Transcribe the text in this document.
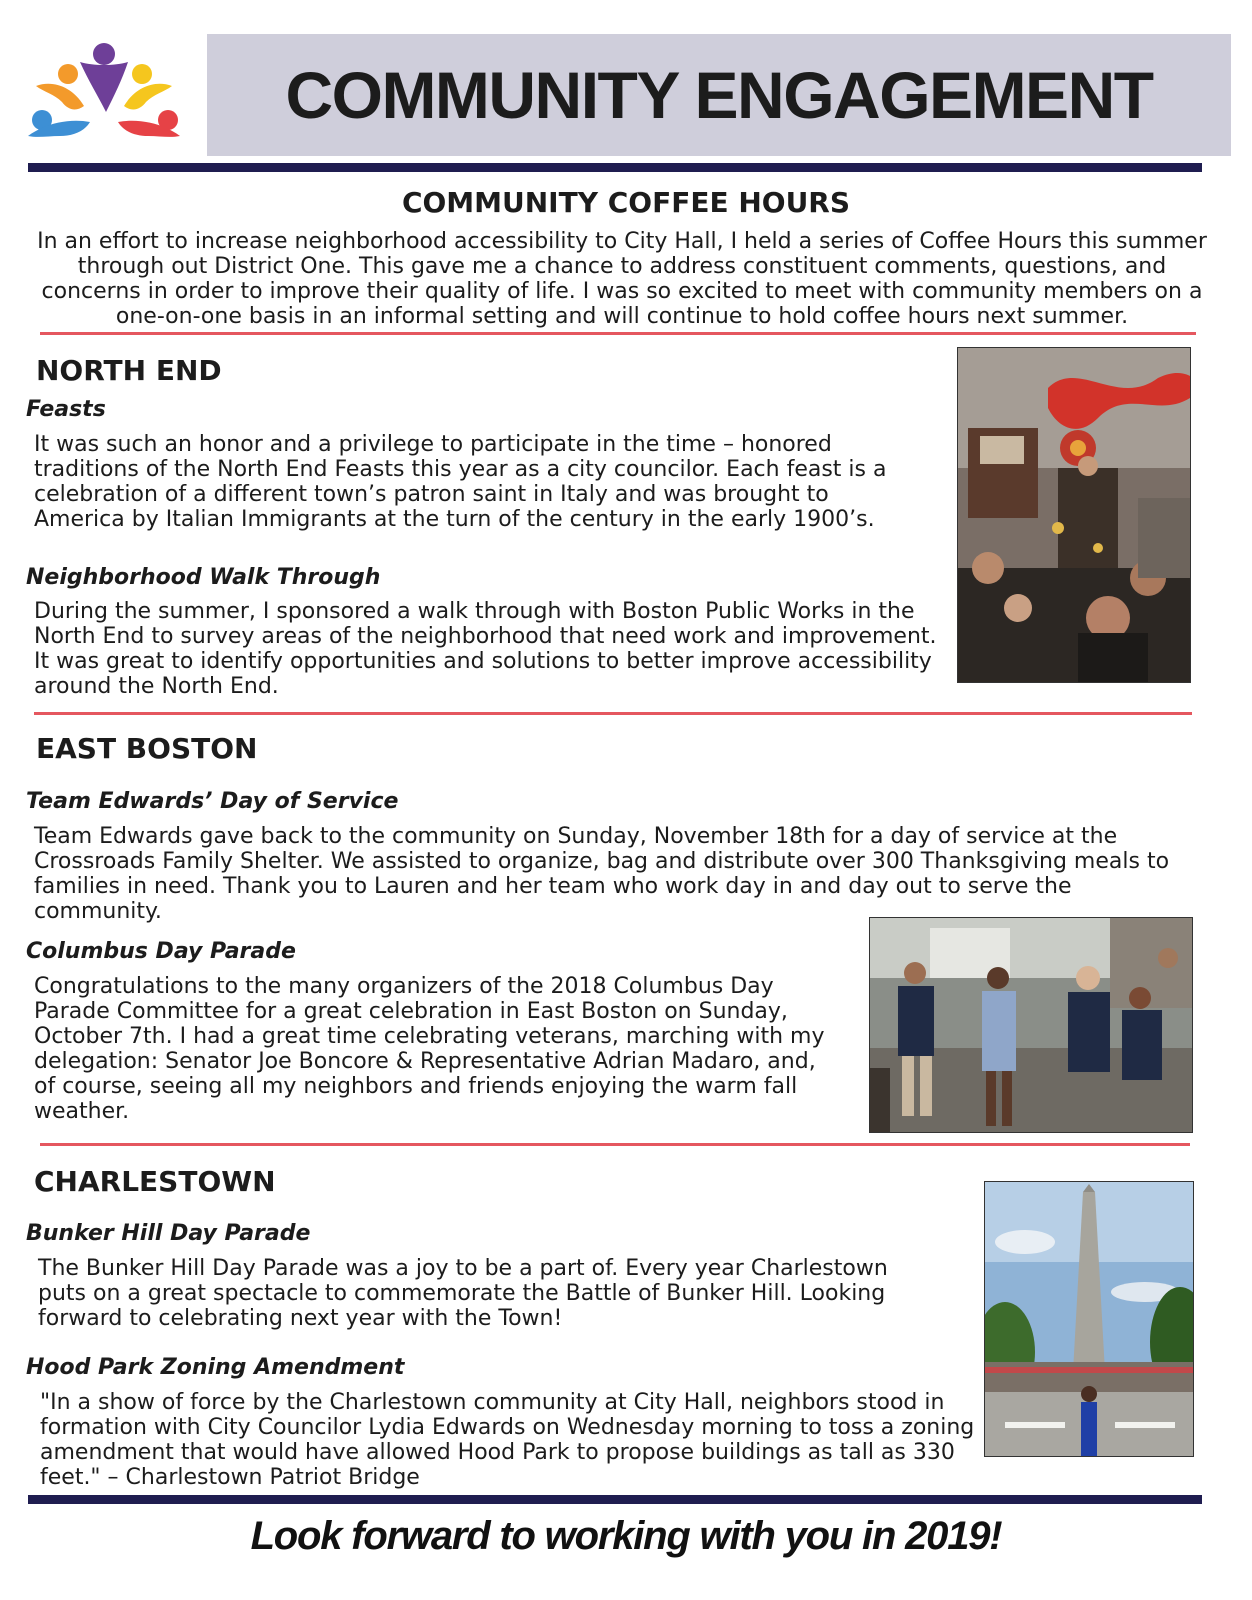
COMMUNITY ENGAGEMENT
COMMUNITY COFFEE HOURS
In an effort to increase neighborhood accessibility to City Hall, I held a series of Coffee Hours this summer through out District One. This gave me a chance to address constituent comments, questions, and concerns in order to improve their quality of life. I was so excited to meet with community members on a one-on-one basis in an informal setting and will continue to hold coffee hours next summer.
NORTH END
Feasts
It was such an honor and a privilege to participate in the time – honored traditions of the North End Feasts this year as a city councilor. Each feast is a celebration of a different town’s patron saint in Italy and was brought to America by Italian Immigrants at the turn of the century in the early 1900’s.
Neighborhood Walk Through
During the summer, I sponsored a walk through with Boston Public Works in the North End to survey areas of the neighborhood that need work and improvement. It was great to identify opportunities and solutions to better improve accessibility around the North End.
EAST BOSTON
Team Edwards’ Day of Service
Team Edwards gave back to the community on Sunday, November 18th for a day of service at the Crossroads Family Shelter. We assisted to organize, bag and distribute over 300 Thanksgiving meals to families in need. Thank you to Lauren and her team who work day in and day out to serve the community.
Columbus Day Parade
Congratulations to the many organizers of the 2018 Columbus Day Parade Committee for a great celebration in East Boston on Sunday, October 7th. I had a great time celebrating veterans, marching with my delegation: Senator Joe Boncore & Representative Adrian Madaro, and, of course, seeing all my neighbors and friends enjoying the warm fall weather.
CHARLESTOWN
Bunker Hill Day Parade
The Bunker Hill Day Parade was a joy to be a part of. Every year Charlestown puts on a great spectacle to commemorate the Battle of Bunker Hill. Looking forward to celebrating next year with the Town!
Hood Park Zoning Amendment
"In a show of force by the Charlestown community at City Hall, neighbors stood in formation with City Councilor Lydia Edwards on Wednesday morning to toss a zoning amendment that would have allowed Hood Park to propose buildings as tall as 330 feet." – Charlestown Patriot Bridge
Look forward to working with you in 2019!
